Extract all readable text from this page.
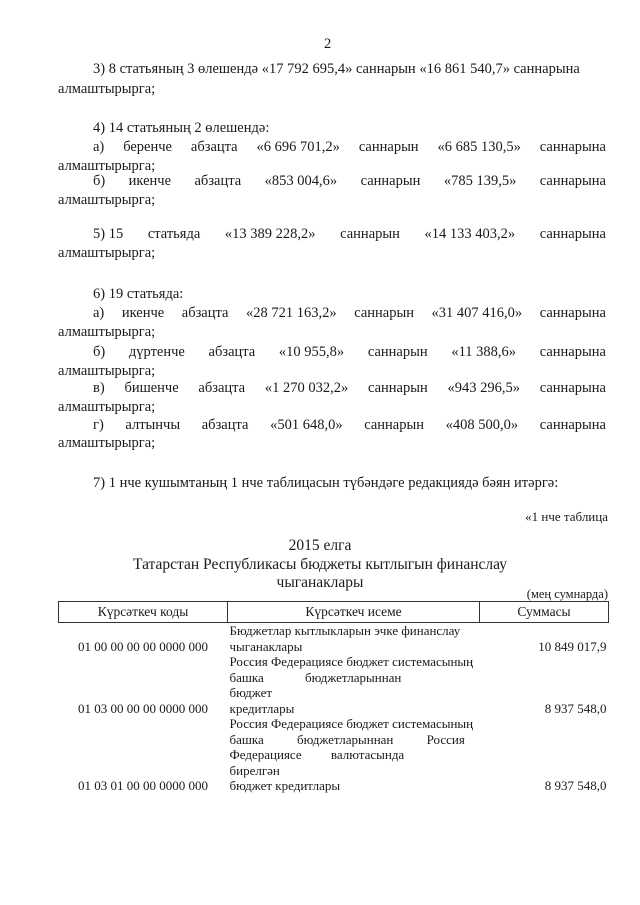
2
3) 8 статьяның 3 өлешендә «17 792 695,4» саннарын «16 861 540,7» саннарына
алмаштырырга;
4) 14 статьяның 2 өлешендә:
а) беренче абзацта «6 696 701,2» саннарын «6 685 130,5» саннарына
алмаштырырга;
б) икенче абзацта «853 004,6» саннарын «785 139,5» саннарына
алмаштырырга;
5) 15 статьяда «13 389 228,2» саннарын «14 133 403,2» саннарына
алмаштырырга;
6) 19 статьяда:
а) икенче абзацта «28 721 163,2» саннарын «31 407 416,0» саннарына
алмаштырырга;
б) дүртенче абзацта «10 955,8» саннарын «11 388,6» саннарына
алмаштырырга;
в) бишенче абзацта «1 270 032,2» саннарын «943 296,5» саннарына
алмаштырырга;
г) алтынчы абзацта «501 648,0» саннарын «408 500,0» саннарына
алмаштырырга;
7) 1 нче кушымтаның 1 нче таблицасын түбәндәге редакциядә бәян итәргә:
«1 нче таблица
2015 елга
Татарстан Республикасы бюджеты кытлыгын финанслау
чыганаклары
(мең сумнарда)
Күрсәткеч коды	Күрсәткеч исеме	Суммасы
01 00 00 00 00 0000 000	Бюджетлар кытлыкларын эчке финанслау
чыганаклары	10 849 017,9
01 03 00 00 00 0000 000	Россия Федерациясе бюджет системасының
башка бюджетларыннан бюджет
кредитлары	8 937 548,0
01 03 01 00 00 0000 000	Россия Федерациясе бюджет системасының
башка бюджетларыннан Россия
Федерациясе валютасында бирелгән
бюджет кредитлары	8 937 548,0
